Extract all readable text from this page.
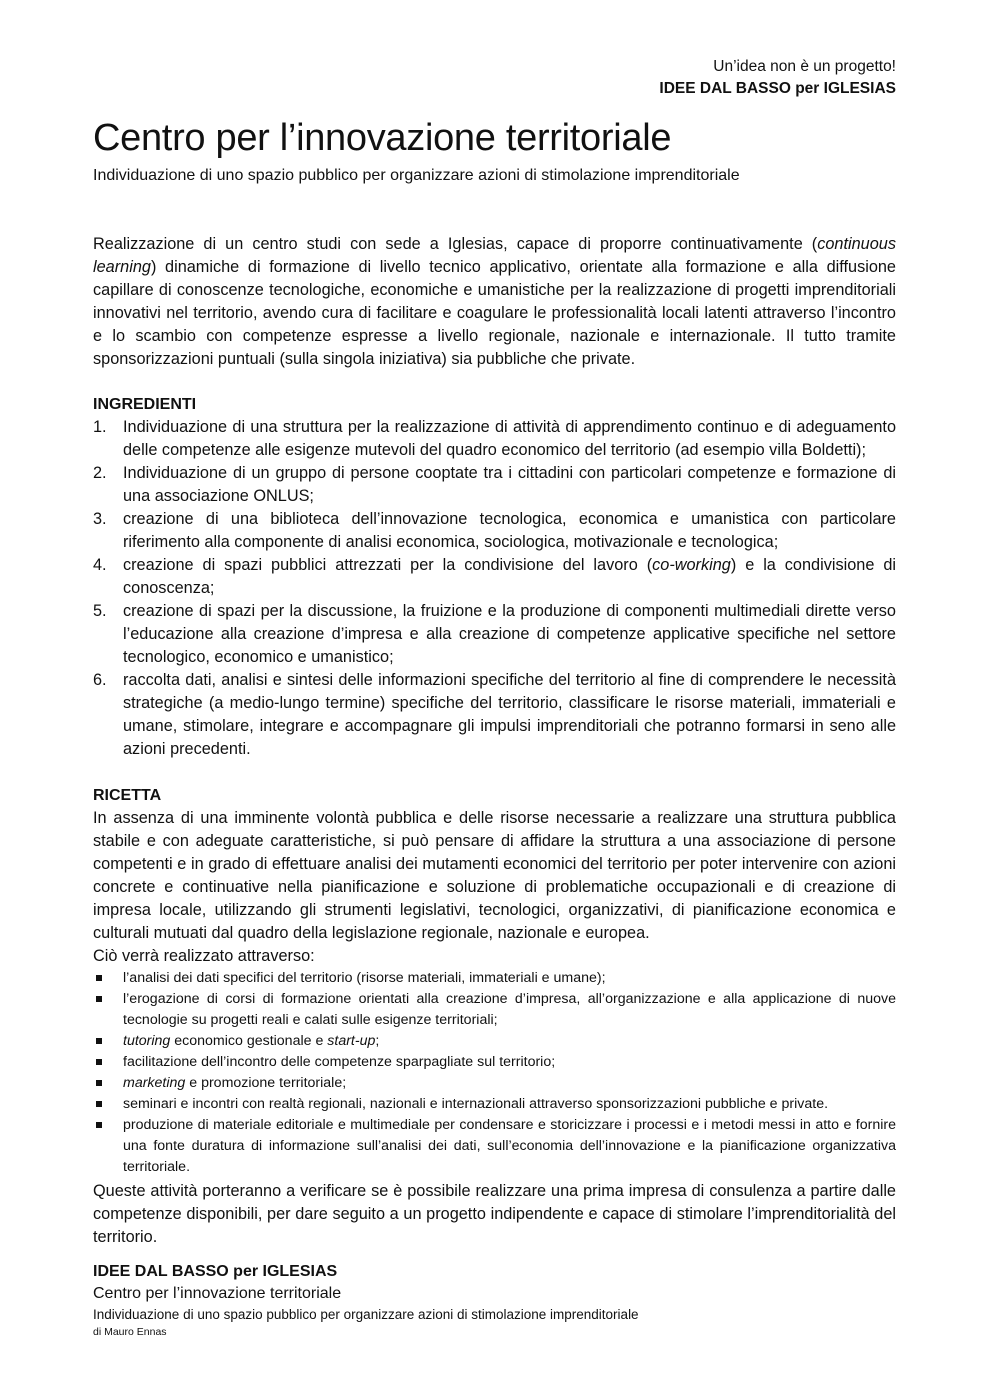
Un’idea non è un progetto!
IDEE DAL BASSO per IGLESIAS
Centro per l’innovazione territoriale

Individuazione di uno spazio pubblico per organizzare azioni di stimolazione imprenditoriale

Realizzazione di un centro studi con sede a Iglesias, capace di proporre continuativamente (continuous learning) dinamiche di formazione di livello tecnico applicativo, orientate alla formazione e alla diffusione capillare di conoscenze tecnologiche, economiche e umanistiche per la realizzazione di progetti imprenditoriali innovativi nel territorio, avendo cura di facilitare e coagulare le professionalità locali latenti attraverso l’incontro e lo scambio con competenze espresse a livello regionale, nazionale e internazionale. Il tutto tramite sponsorizzazioni puntuali (sulla singola iniziativa) sia pubbliche che private.

INGREDIENTI

1. Individuazione di una struttura per la realizzazione di attività di apprendimento continuo e di adeguamento delle competenze alle esigenze mutevoli del quadro economico del territorio (ad esempio villa Boldetti);
2. Individuazione di un gruppo di persone cooptate tra i cittadini con particolari competenze e formazione di una associazione ONLUS;
3. creazione di una biblioteca dell’innovazione tecnologica, economica e umanistica con particolare riferimento alla componente di analisi economica, sociologica, motivazionale e tecnologica;
4. creazione di spazi pubblici attrezzati per la condivisione del lavoro (co-working) e la condivisione di conoscenza;
5. creazione di spazi per la discussione, la fruizione e la produzione di componenti multimediali dirette verso l’educazione alla creazione d’impresa e alla creazione di competenze applicative specifiche nel settore tecnologico, economico e umanistico;
6. raccolta dati, analisi e sintesi delle informazioni specifiche del territorio al fine di comprendere le necessità strategiche (a medio-lungo termine) specifiche del territorio, classificare le risorse materiali, immateriali e umane, stimolare, integrare e accompagnare gli impulsi imprenditoriali che potranno formarsi in seno alle azioni precedenti.

RICETTA

In assenza di una imminente volontà pubblica e delle risorse necessarie a realizzare una struttura pubblica stabile e con adeguate caratteristiche, si può pensare di affidare la struttura a una associazione di persone competenti e in grado di effettuare analisi dei mutamenti economici del territorio per poter intervenire con azioni concrete e continuative nella pianificazione e soluzione di problematiche occupazionali e di creazione di impresa locale, utilizzando gli strumenti legislativi, tecnologici, organizzativi, di pianificazione economica e culturali mutuati dal quadro della legislazione regionale, nazionale e europea.

Ciò verrà realizzato attraverso:

l’analisi dei dati specifici del territorio (risorse materiali, immateriali e umane);
l’erogazione di corsi di formazione orientati alla creazione d’impresa, all’organizzazione e alla applicazione di nuove tecnologie su progetti reali e calati sulle esigenze territoriali;
tutoring economico gestionale e start-up;
facilitazione dell’incontro delle competenze sparpagliate sul territorio;
marketing e promozione territoriale;
seminari e incontri con realtà regionali, nazionali e internazionali attraverso sponsorizzazioni pubbliche e private.
produzione di materiale editoriale e multimediale per condensare e storicizzare i processi e i metodi messi in atto e fornire una fonte duratura di informazione sull’analisi dei dati, sull’economia dell’innovazione e la pianificazione organizzativa territoriale.

Queste attività porteranno a verificare se è possibile realizzare una prima impresa di consulenza a partire dalle competenze disponibili, per dare seguito a un progetto indipendente e capace di stimolare l’imprenditorialità del territorio.

IDEE DAL BASSO per IGLESIAS

Centro per l’innovazione territoriale

Individuazione di uno spazio pubblico per organizzare azioni di stimolazione imprenditoriale

di Mauro Ennas
